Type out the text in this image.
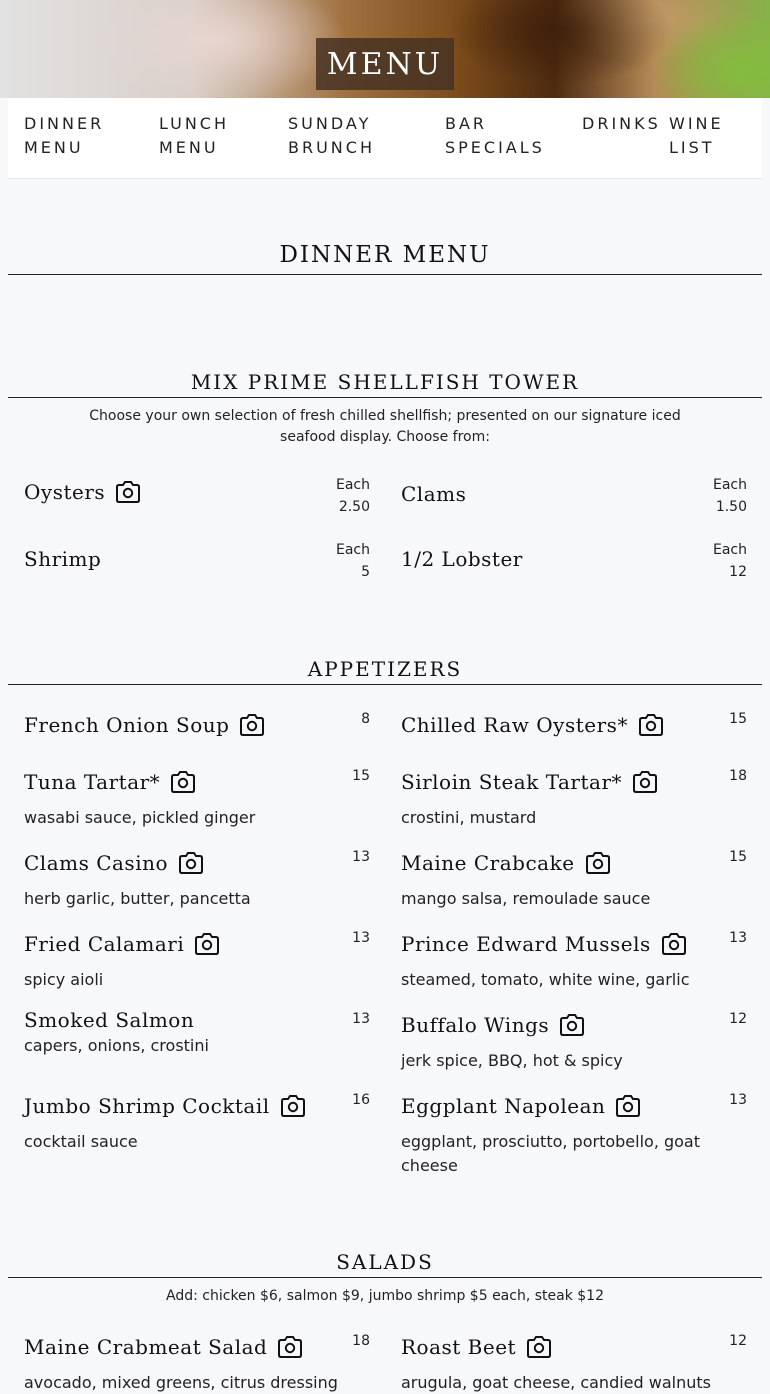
MENU
DINNER
MENU
LUNCH
MENU
SUNDAY
BRUNCH
BAR
SPECIALS
DRINKS WINE
LIST
DINNER MENU
MIX PRIME SHELLFISH TOWER
Choose your own selection of fresh chilled shellfish; presented on our signature iced
seafood display. Choose from:
Oysters	Each
2.50
Clams	Each
1.50
Shrimp	Each
5
1/2 Lobster	Each
12
APPETIZERS
French Onion Soup	8 Chilled Raw Oysters*	15
Tuna Tartar*	15
wasabi sauce, pickled ginger
Sirloin Steak Tartar*	18
crostini, mustard
Clams Casino	13
herb garlic, butter, pancetta
Maine Crabcake	15
mango salsa, remoulade sauce
Fried Calamari	13
spicy aioli
Prince Edward Mussels	13
steamed, tomato, white wine, garlic
Smoked Salmon	13
capers, onions, crostini
Buffalo Wings	12
jerk spice, BBQ, hot & spicy
Jumbo Shrimp Cocktail	16
cocktail sauce
Eggplant Napolean	13
eggplant, prosciutto, portobello, goat
cheese
SALADS
Add: chicken $6, salmon $9, jumbo shrimp $5 each, steak $12
Maine Crabmeat Salad	18
avocado, mixed greens, citrus dressing
Roast Beet	12
arugula, goat cheese, candied walnuts
